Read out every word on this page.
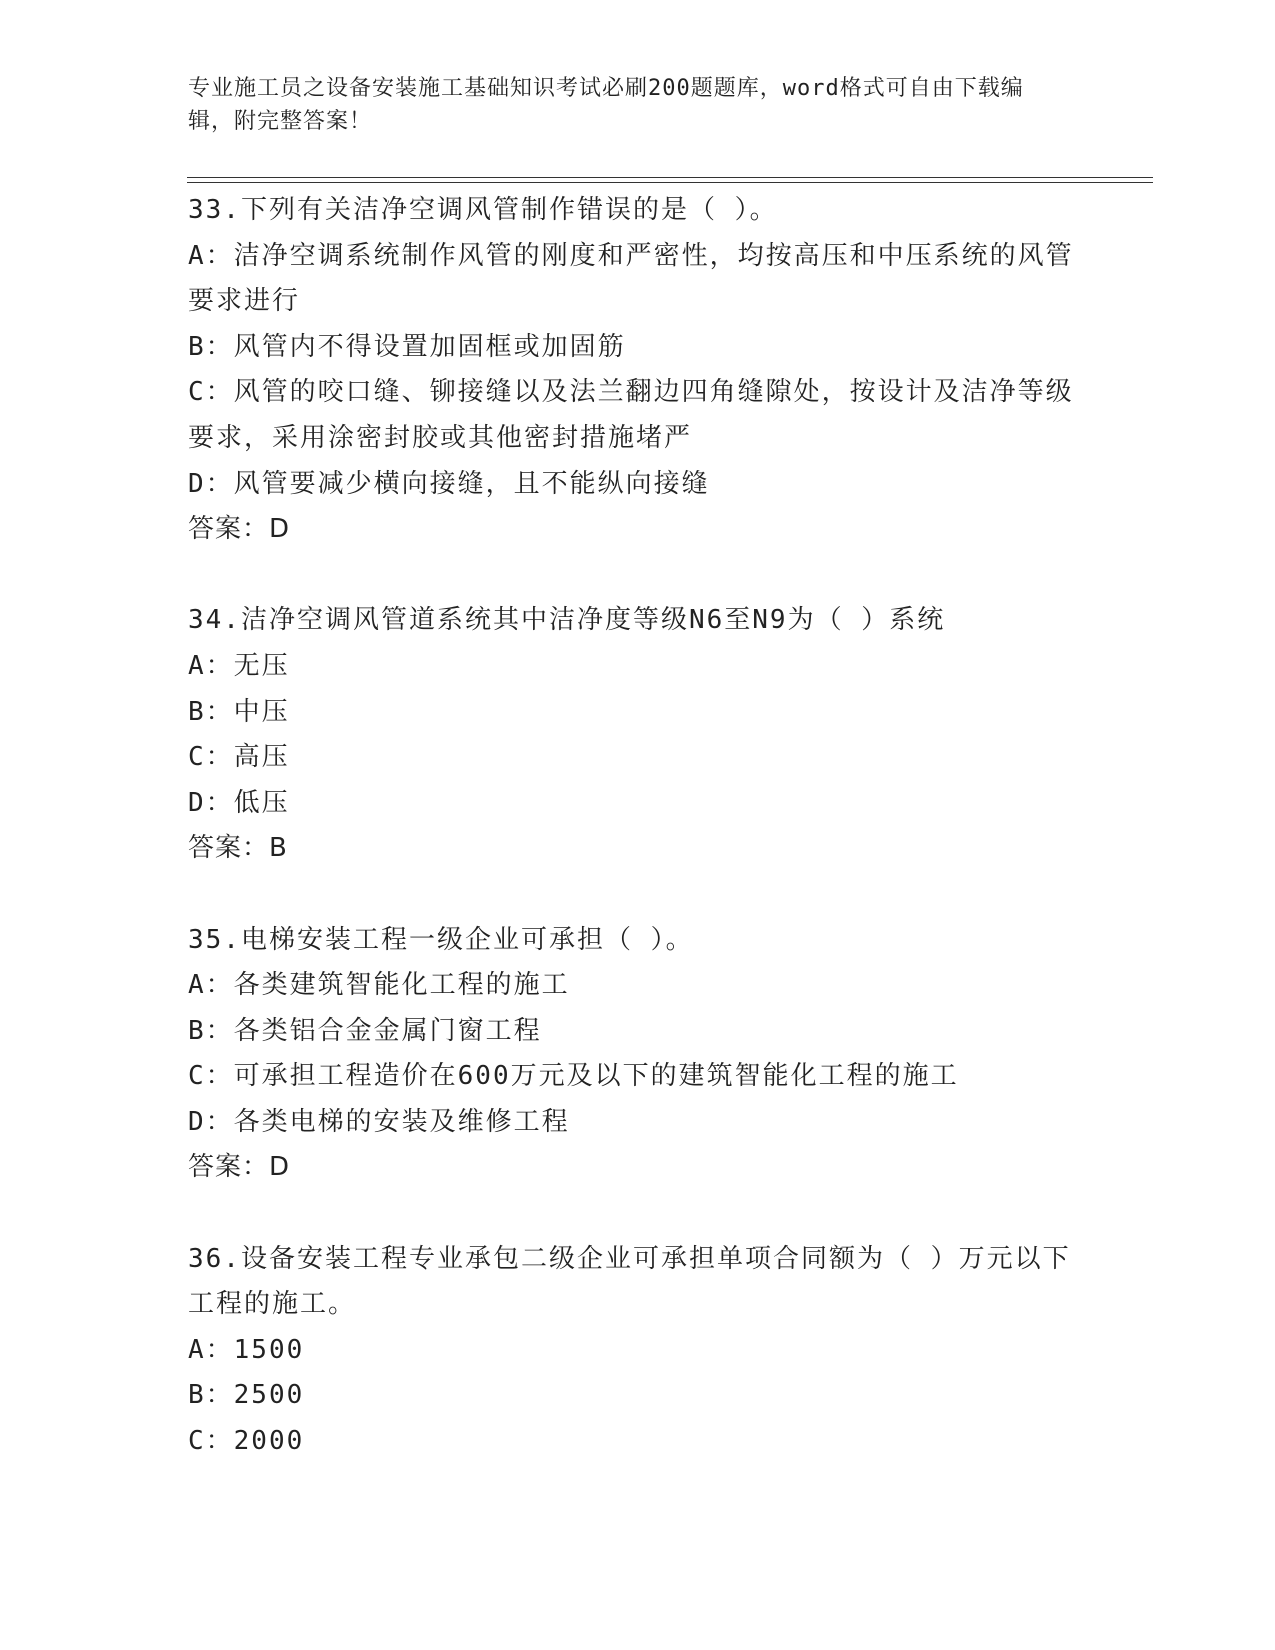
专业施工员之设备安装施工基础知识考试必刷200题题库，word格式可自由下载编辑，附完整答案！
33.下列有关洁净空调风管制作错误的是（ ）。
A：洁净空调系统制作风管的刚度和严密性，均按高压和中压系统的风管要求进行
B：风管内不得设置加固框或加固筋
C：风管的咬口缝、铆接缝以及法兰翻边四角缝隙处，按设计及洁净等级要求，采用涂密封胶或其他密封措施堵严
D：风管要减少横向接缝，且不能纵向接缝
答案：D
34.洁净空调风管道系统其中洁净度等级N6至N9为（ ）系统
A：无压
B：中压
C：高压
D：低压
答案：B
35.电梯安装工程一级企业可承担（ ）。
A：各类建筑智能化工程的施工
B：各类铝合金金属门窗工程
C：可承担工程造价在600万元及以下的建筑智能化工程的施工
D：各类电梯的安装及维修工程
答案：D
36.设备安装工程专业承包二级企业可承担单项合同额为（ ）万元以下工程的施工。
A：1500
B：2500
C：2000
